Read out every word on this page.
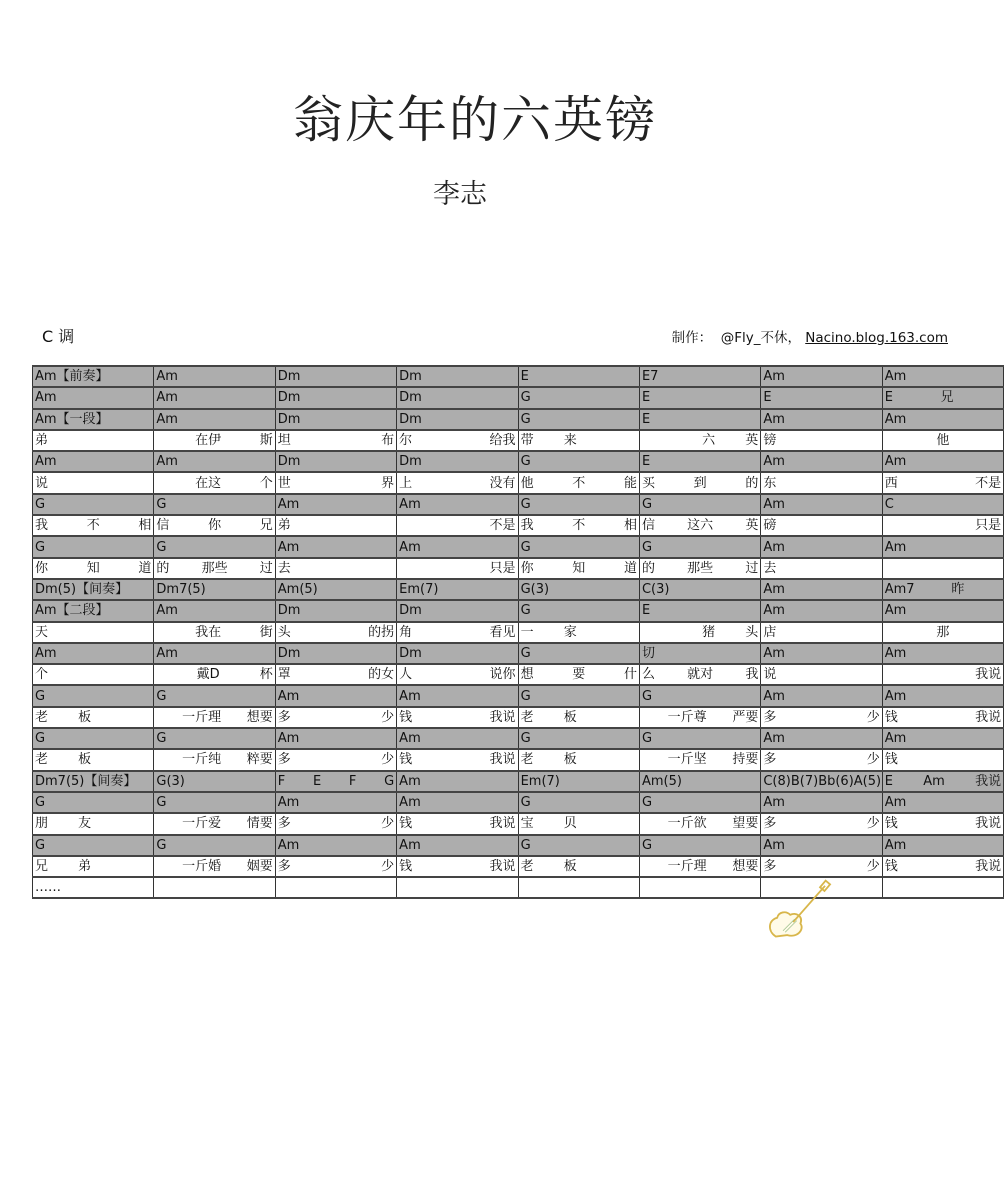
翁庆年的六英镑
李志
C 调	制作： @Fly_不休， Nacino.blog.163.com
Am【前奏】	Am	Dm	Dm	E	E7	Am	Am

Am	Am	Dm	Dm	G	E	E	E 兄

Am【一段】	Am	Dm	Dm	G	E	Am	Am

弟	在伊 斯	坦 布	尔 给我	带 来	六 英	镑	他

Am	Am	Dm	Dm	G	E	Am	Am

说	在这 个	世 界	上 没有	他 不 能	买 到 的	东	西 不是

G	G	Am	Am	G	G	Am	C

我 不 相	信 你 兄	弟	不是	我 不 相	信 这六 英	磅	只是

G	G	Am	Am	G	G	Am	Am

你 知 道	的 那些 过	去	只是	你 知 道	的 那些 过	去	

Dm(5)【间奏】	Dm7(5)	Am(5)	Em(7)	G(3)	C(3)	Am	Am7 昨

Am【二段】	Am	Dm	Dm	G	E	Am	Am

天	我在 街	头 的拐	角 看见	一 家	猪 头	店	那

Am	Am	Dm	Dm	G	切	Am	Am

个	戴D 杯	罩 的女	人 说你	想 要 什	么 就对 我	说	我说

G	G	Am	Am	G	G	Am	Am

老 板	一斤理 想要	多 少	钱 我说	老 板	一斤尊 严要	多 少	钱 我说

G	G	Am	Am	G	G	Am	Am

老 板	一斤纯 粹要	多 少	钱 我说	老 板	一斤坚 持要	多 少	钱

Dm7(5)【间奏】	G(3)	F E F G	Am	Em(7)	Am(5)	C(8) B(7) Bb(6) A(5)	E Am 我说

G	G	Am	Am	G	G	Am	Am

朋 友	一斤爱 情要	多 少	钱 我说	宝 贝	一斤欲 望要	多 少	钱 我说

G	G	Am	Am	G	G	Am	Am

兄 弟	一斤婚 姻要	多 少	钱 我说	老 板	一斤理 想要	多 少	钱 我说

……							
